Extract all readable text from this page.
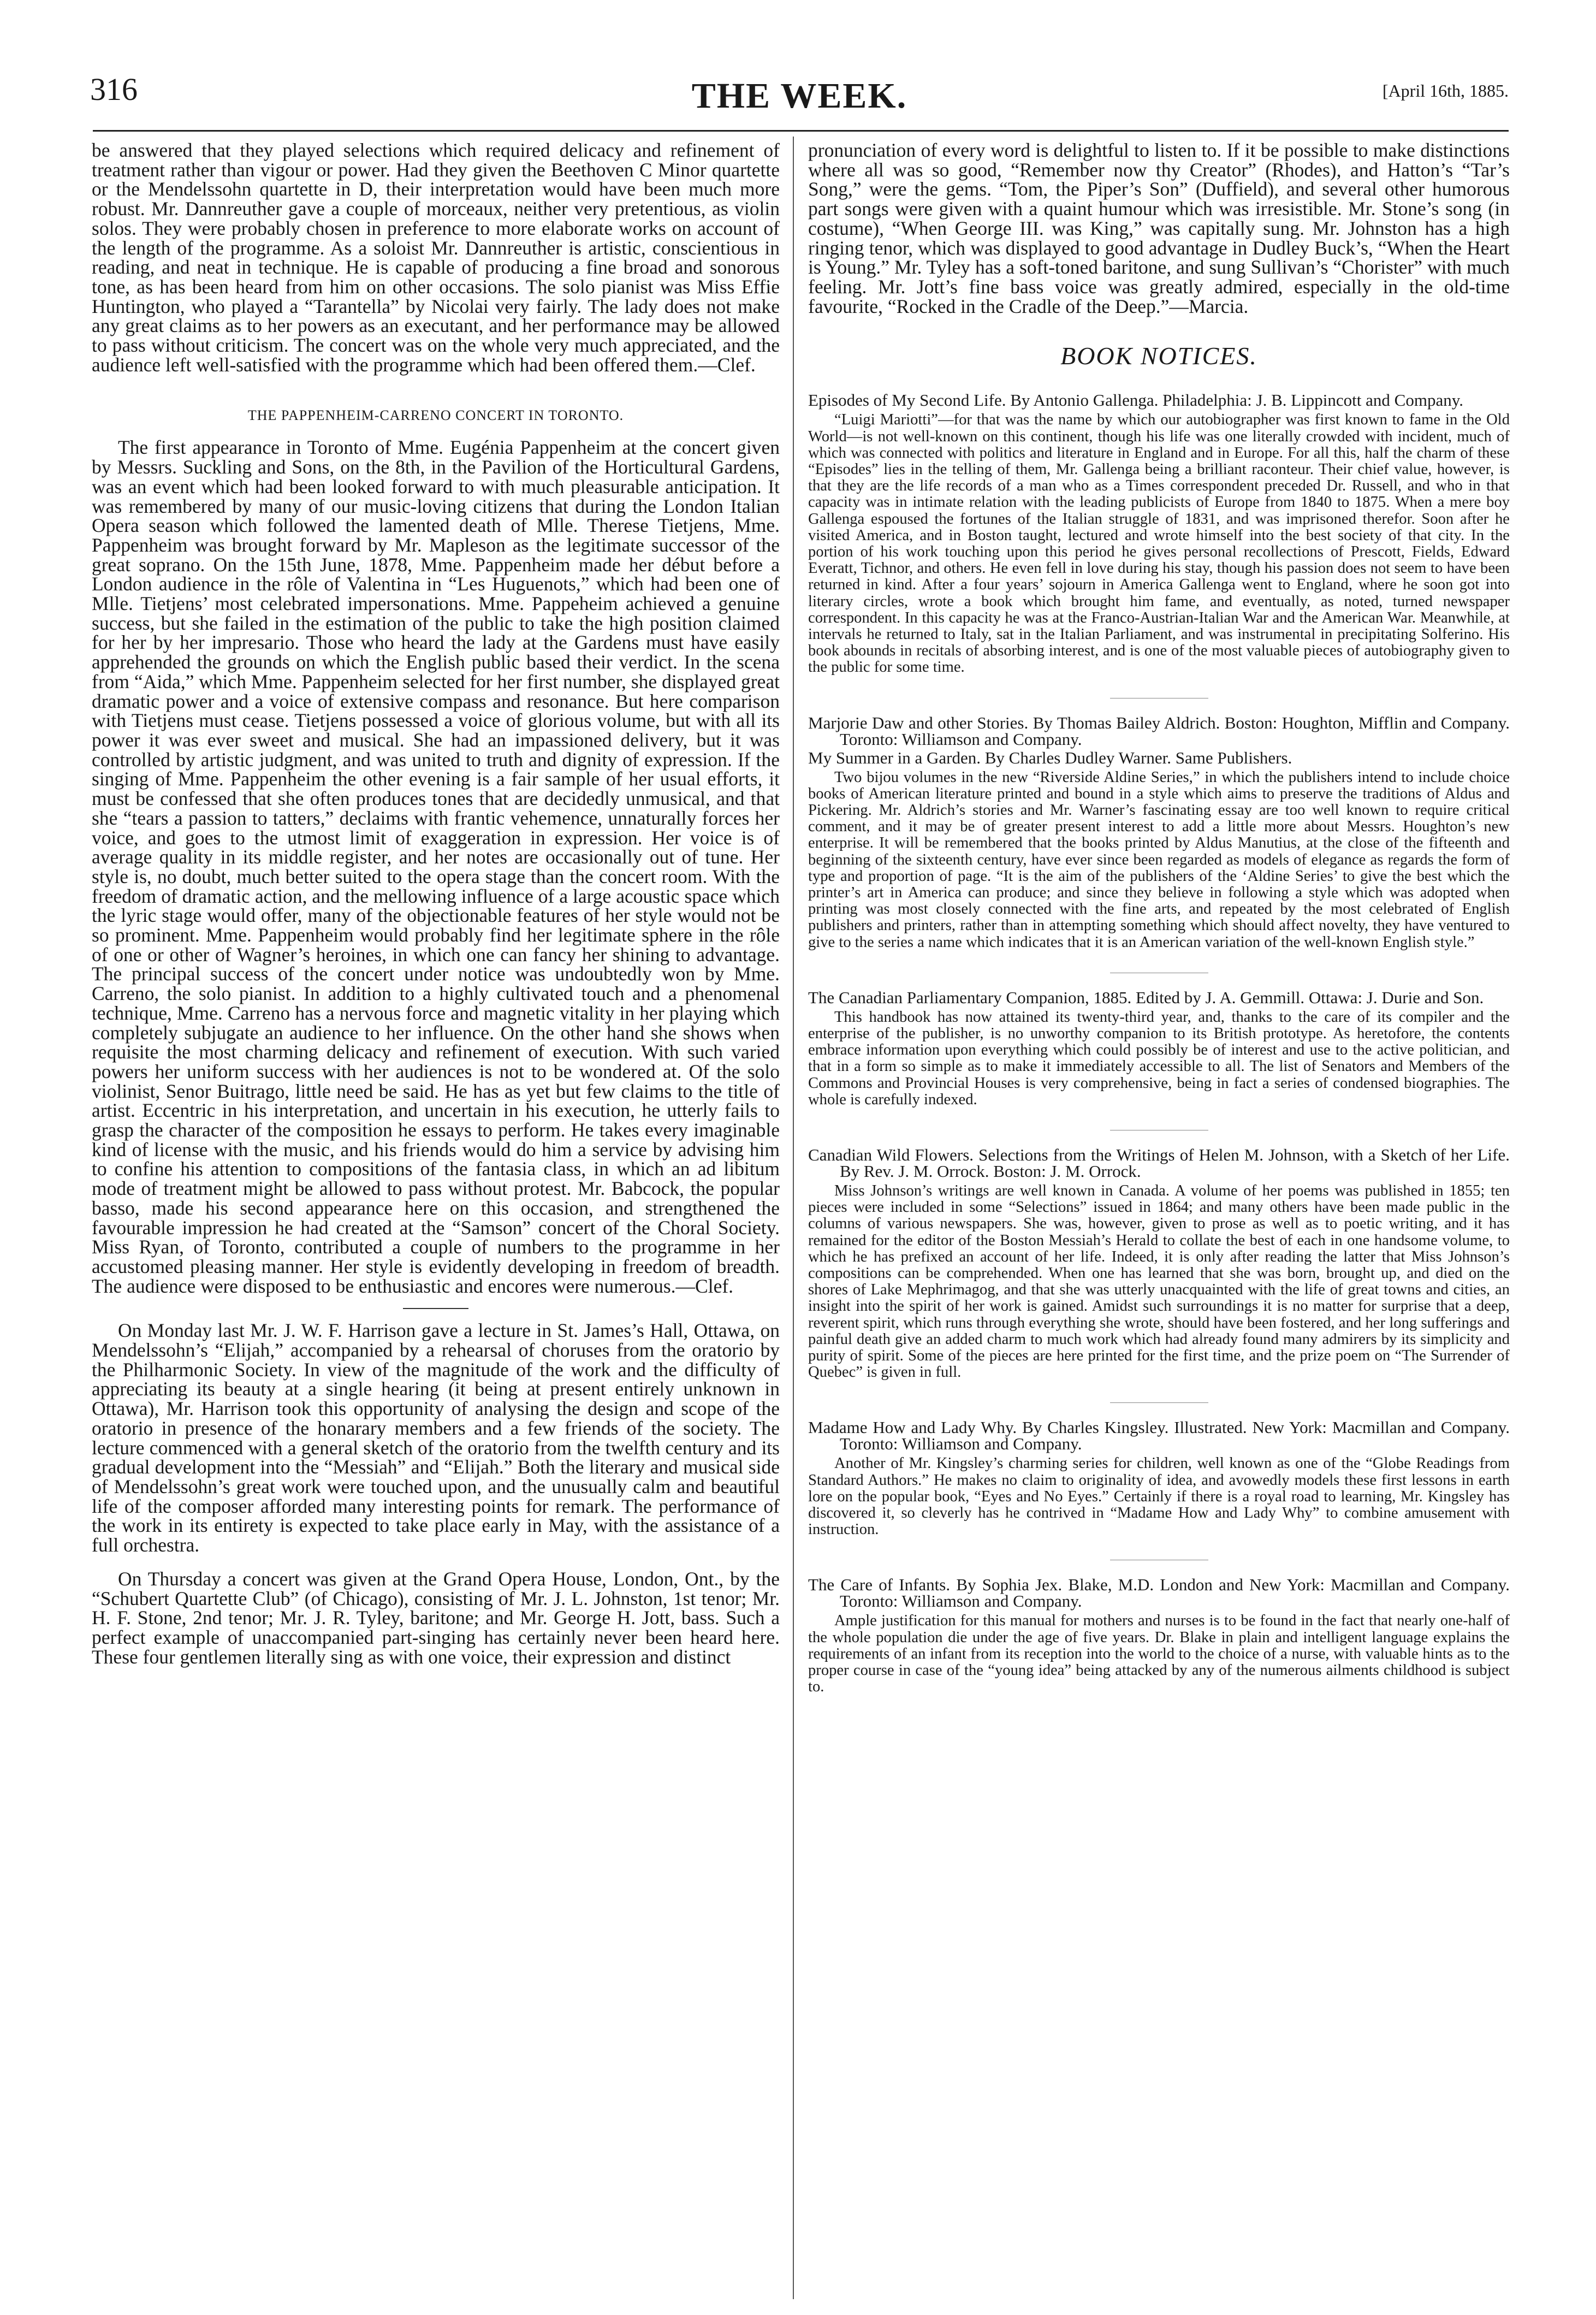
316	THE WEEK.	[April 16th, 1885.

be answered that they played selections which required delicacy and refinement of treatment rather than vigour or power. Had they given the Beethoven C Minor quartette or the Mendelssohn quartette in D, their interpretation would have been much more robust. Mr. Dannreuther gave a couple of morceaux, neither very pretentious, as violin solos. They were probably chosen in preference to more elaborate works on account of the length of the programme. As a soloist Mr. Dannreuther is artistic, conscientious in reading, and neat in technique. He is capable of producing a fine broad and sonorous tone, as has been heard from him on other occasions. The solo pianist was Miss Effie Huntington, who played a “Tarantella” by Nicolai very fairly. The lady does not make any great claims as to her powers as an executant, and her performance may be allowed to pass without criticism. The concert was on the whole very much appreciated, and the audience left well-satisfied with the programme which had been offered them.—Clef.

THE PAPPENHEIM-CARRENO CONCERT IN TORONTO.

The first appearance in Toronto of Mme. Eugénia Pappenheim at the concert given by Messrs. Suckling and Sons, on the 8th, in the Pavilion of the Horticultural Gardens, was an event which had been looked forward to with much pleasurable anticipation. It was remembered by many of our music-loving citizens that during the London Italian Opera season which followed the lamented death of Mlle. Therese Tietjens, Mme. Pappenheim was brought forward by Mr. Mapleson as the legitimate successor of the great soprano. On the 15th June, 1878, Mme. Pappenheim made her début before a London audience in the rôle of Valentina in “Les Huguenots,” which had been one of Mlle. Tietjens’ most celebrated impersonations. Mme. Pappeheim achieved a genuine success, but she failed in the estimation of the public to take the high position claimed for her by her impresario. Those who heard the lady at the Gardens must have easily apprehended the grounds on which the English public based their verdict. In the scena from “Aida,” which Mme. Pappenheim selected for her first number, she displayed great dramatic power and a voice of extensive compass and resonance. But here comparison with Tietjens must cease. Tietjens possessed a voice of glorious volume, but with all its power it was ever sweet and musical. She had an impassioned delivery, but it was controlled by artistic judgment, and was united to truth and dignity of expression. If the singing of Mme. Pappenheim the other evening is a fair sample of her usual efforts, it must be confessed that she often produces tones that are decidedly unmusical, and that she “tears a passion to tatters,” declaims with frantic vehemence, unnaturally forces her voice, and goes to the utmost limit of exaggeration in expression. Her voice is of average quality in its middle register, and her notes are occasionally out of tune. Her style is, no doubt, much better suited to the opera stage than the concert room. With the freedom of dramatic action, and the mellowing influence of a large acoustic space which the lyric stage would offer, many of the objectionable features of her style would not be so prominent. Mme. Pappenheim would probably find her legitimate sphere in the rôle of one or other of Wagner’s heroines, in which one can fancy her shining to advantage. The principal success of the concert under notice was undoubtedly won by Mme. Carreno, the solo pianist. In addition to a highly cultivated touch and a phenomenal technique, Mme. Carreno has a nervous force and magnetic vitality in her playing which completely subjugate an audience to her influence. On the other hand she shows when requisite the most charming delicacy and refinement of execution. With such varied powers her uniform success with her audiences is not to be wondered at. Of the solo violinist, Senor Buitrago, little need be said. He has as yet but few claims to the title of artist. Eccentric in his interpretation, and uncertain in his execution, he utterly fails to grasp the character of the composition he essays to perform. He takes every imaginable kind of license with the music, and his friends would do him a service by advising him to confine his attention to compositions of the fantasia class, in which an ad libitum mode of treatment might be allowed to pass without protest. Mr. Babcock, the popular basso, made his second appearance here on this occasion, and strengthened the favourable impression he had created at the “Samson” concert of the Choral Society. Miss Ryan, of Toronto, contributed a couple of numbers to the programme in her accustomed pleasing manner. Her style is evidently developing in freedom of breadth. The audience were disposed to be enthusiastic and encores were numerous.—Clef.

On Monday last Mr. J. W. F. Harrison gave a lecture in St. James’s Hall, Ottawa, on Mendelssohn’s “Elijah,” accompanied by a rehearsal of choruses from the oratorio by the Philharmonic Society. In view of the magnitude of the work and the difficulty of appreciating its beauty at a single hearing (it being at present entirely unknown in Ottawa), Mr. Harrison took this opportunity of analysing the design and scope of the oratorio in presence of the honarary members and a few friends of the society. The lecture commenced with a general sketch of the oratorio from the twelfth century and its gradual development into the “Messiah” and “Elijah.” Both the literary and musical side of Mendelssohn’s great work were touched upon, and the unusually calm and beautiful life of the composer afforded many interesting points for remark. The performance of the work in its entirety is expected to take place early in May, with the assistance of a full orchestra.

On Thursday a concert was given at the Grand Opera House, London, Ont., by the “Schubert Quartette Club” (of Chicago), consisting of Mr. J. L. Johnston, 1st tenor; Mr. H. F. Stone, 2nd tenor; Mr. J. R. Tyley, baritone; and Mr. George H. Jott, bass. Such a perfect example of unaccompanied part-singing has certainly never been heard here. These four gentlemen literally sing as with one voice, their expression and distinct

pronunciation of every word is delightful to listen to. If it be possible to make distinctions where all was so good, “Remember now thy Creator” (Rhodes), and Hatton’s “Tar’s Song,” were the gems. “Tom, the Piper’s Son” (Duffield), and several other humorous part songs were given with a quaint humour which was irresistible. Mr. Stone’s song (in costume), “When George III. was King,” was capitally sung. Mr. Johnston has a high ringing tenor, which was displayed to good advantage in Dudley Buck’s, “When the Heart is Young.” Mr. Tyley has a soft-toned baritone, and sung Sullivan’s “Chorister” with much feeling. Mr. Jott’s fine bass voice was greatly admired, especially in the old-time favourite, “Rocked in the Cradle of the Deep.”—Marcia.

BOOK NOTICES.
Episodes of My Second Life. By Antonio Gallenga. Philadelphia: J. B. Lippincott and Company.

“Luigi Mariotti”—for that was the name by which our autobiographer was first known to fame in the Old World—is not well-known on this continent, though his life was one literally crowded with incident, much of which was connected with politics and literature in England and in Europe. For all this, half the charm of these “Episodes” lies in the telling of them, Mr. Gallenga being a brilliant raconteur. Their chief value, however, is that they are the life records of a man who as a Times correspondent preceded Dr. Russell, and who in that capacity was in intimate relation with the leading publicists of Europe from 1840 to 1875. When a mere boy Gallenga espoused the fortunes of the Italian struggle of 1831, and was imprisoned therefor. Soon after he visited America, and in Boston taught, lectured and wrote himself into the best society of that city. In the portion of his work touching upon this period he gives personal recollections of Prescott, Fields, Edward Everatt, Tichnor, and others. He even fell in love during his stay, though his passion does not seem to have been returned in kind. After a four years’ sojourn in America Gallenga went to England, where he soon got into literary circles, wrote a book which brought him fame, and eventually, as noted, turned newspaper correspondent. In this capacity he was at the Franco-Austrian-Italian War and the American War. Meanwhile, at intervals he returned to Italy, sat in the Italian Parliament, and was instrumental in precipitating Solferino. His book abounds in recitals of absorbing interest, and is one of the most valuable pieces of autobiography given to the public for some time.

Marjorie Daw and other Stories. By Thomas Bailey Aldrich. Boston: Houghton, Mifflin and Company. Toronto: Williamson and Company.
My Summer in a Garden. By Charles Dudley Warner. Same Publishers.

Two bijou volumes in the new “Riverside Aldine Series,” in which the publishers intend to include choice books of American literature printed and bound in a style which aims to preserve the traditions of Aldus and Pickering. Mr. Aldrich’s stories and Mr. Warner’s fascinating essay are too well known to require critical comment, and it may be of greater present interest to add a little more about Messrs. Houghton’s new enterprise. It will be remembered that the books printed by Aldus Manutius, at the close of the fifteenth and beginning of the sixteenth century, have ever since been regarded as models of elegance as regards the form of type and proportion of page. “It is the aim of the publishers of the ‘Aldine Series’ to give the best which the printer’s art in America can produce; and since they believe in following a style which was adopted when printing was most closely connected with the fine arts, and repeated by the most celebrated of English publishers and printers, rather than in attempting something which should affect novelty, they have ventured to give to the series a name which indicates that it is an American variation of the well-known English style.”

The Canadian Parliamentary Companion, 1885. Edited by J. A. Gemmill. Ottawa: J. Durie and Son.

This handbook has now attained its twenty-third year, and, thanks to the care of its compiler and the enterprise of the publisher, is no unworthy companion to its British prototype. As heretofore, the contents embrace information upon everything which could possibly be of interest and use to the active politician, and that in a form so simple as to make it immediately accessible to all. The list of Senators and Members of the Commons and Provincial Houses is very comprehensive, being in fact a series of condensed biographies. The whole is carefully indexed.

Canadian Wild Flowers. Selections from the Writings of Helen M. Johnson, with a Sketch of her Life. By Rev. J. M. Orrock. Boston: J. M. Orrock.

Miss Johnson’s writings are well known in Canada. A volume of her poems was published in 1855; ten pieces were included in some “Selections” issued in 1864; and many others have been made public in the columns of various newspapers. She was, however, given to prose as well as to poetic writing, and it has remained for the editor of the Boston Messiah’s Herald to collate the best of each in one handsome volume, to which he has prefixed an account of her life. Indeed, it is only after reading the latter that Miss Johnson’s compositions can be comprehended. When one has learned that she was born, brought up, and died on the shores of Lake Mephrimagog, and that she was utterly unacquainted with the life of great towns and cities, an insight into the spirit of her work is gained. Amidst such surroundings it is no matter for surprise that a deep, reverent spirit, which runs through everything she wrote, should have been fostered, and her long sufferings and painful death give an added charm to much work which had already found many admirers by its simplicity and purity of spirit. Some of the pieces are here printed for the first time, and the prize poem on “The Surrender of Quebec” is given in full.

Madame How and Lady Why. By Charles Kingsley. Illustrated. New York: Macmillan and Company. Toronto: Williamson and Company.

Another of Mr. Kingsley’s charming series for children, well known as one of the “Globe Readings from Standard Authors.” He makes no claim to originality of idea, and avowedly models these first lessons in earth lore on the popular book, “Eyes and No Eyes.” Certainly if there is a royal road to learning, Mr. Kingsley has discovered it, so cleverly has he contrived in “Madame How and Lady Why” to combine amusement with instruction.

The Care of Infants. By Sophia Jex. Blake, M.D. London and New York: Macmillan and Company. Toronto: Williamson and Company.

Ample justification for this manual for mothers and nurses is to be found in the fact that nearly one-half of the whole population die under the age of five years. Dr. Blake in plain and intelligent language explains the requirements of an infant from its reception into the world to the choice of a nurse, with valuable hints as to the proper course in case of the “young idea” being attacked by any of the numerous ailments childhood is subject to.
